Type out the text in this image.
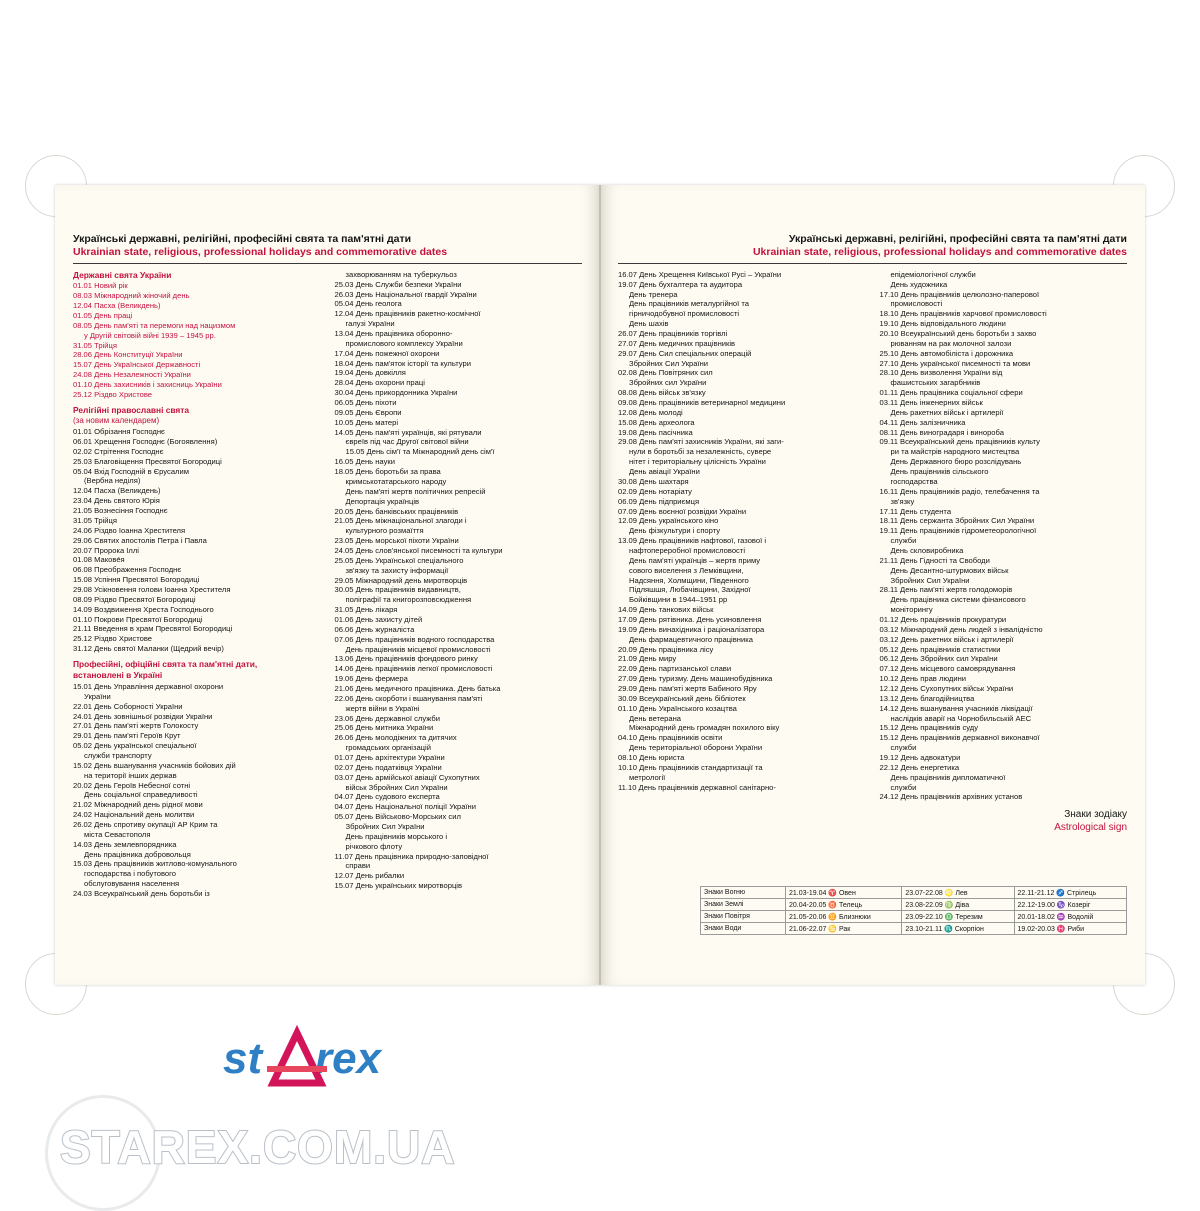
Українські державні, релігійні, професійні свята та пам'ятні дати
Ukrainian state, religious, professional holidays and commemorative dates
Державні свята України
01.01 Новий рік
08.03 Міжнародний жіночий день
12.04 Пасха (Великдень)
01.05 День праці
08.05 День пам'яті та перемоги над нацизмом
у Другій світовій війні 1939 – 1945 рр.
31.05 Трійця
28.06 День Конституції України
15.07 День Української Державності
24.08 День Незалежності України
01.10 День захисників і захисниць України
25.12 Різдво Христове
Релігійні православні свята
(за новим календарем)
01.01 Обрізання Господнє
06.01 Хрещення Господнє (Богоявлення)
02.02 Стрітення Господнє
25.03 Благовіщення Пресвятої Богородиці
05.04 Вхід Господній в Єрусалим
(Вербна неділя)
12.04 Пасха (Великдень)
23.04 День святого Юрія
21.05 Вознесіння Господнє
31.05 Трійця
24.06 Різдво Іоанна Хрестителя
29.06 Святих апостолів Петра і Павла
20.07 Пророка Іллі
01.08 Макове́я
06.08 Преображення Господнє
15.08 Успіння Пресвятої Богородиці
29.08 Усікновення голови Іоанна Хрестителя
08.09 Різдво Пресвятої Богородиці
14.09 Воздвиження Хреста Господнього
01.10 Покрови Пресвятої Богородиці
21.11 Введення в храм Пресвятої Богородиці
25.12 Різдво Христове
31.12 День святої Маланки (Щедрий вечір)
Професійні, офіційні свята та пам'ятні дати,
встановлені в Україні
15.01 День Управління державної охорони
України
22.01 День Соборності України
24.01 День зовнішньої розвідки України
27.01 День пам'яті жертв Голокосту
29.01 День пам'яті Героїв Крут
05.02 День української спеціальної
служби транспорту
15.02 День вшанування учасників бойових дій
на території інших держав
20.02 День Героїв Небесної сотні
День соціальної справедливості
21.02 Міжнародний день рідної мови
24.02 Національний день молитви
26.02 День спротиву окупації АР Крим та
міста Севастополя
14.03 День землевпорядника
День працівника добровольця
15.03 День працівників житлово-комунального
господарства і побутового
обслуговування населення
24.03 Всеукраїнський день боротьби із
захворюванням на туберкульоз
25.03 День Служби безпеки України
26.03 День Національної гвардії України
05.04 День геолога
12.04 День працівників ракетно-космічної
галузі України
13.04 День працівника оборонно-
промислового комплексу України
17.04 День пожежної охорони
18.04 День пам'яток історії та культури
19.04 День довкілля
28.04 День охорони праці
30.04 День прикордонника України
06.05 День піхоти
09.05 День Європи
10.05 День матері
14.05 День пам'яті українців, які рятували
євреїв під час Другої світової війни
15.05 День сім'ї та Міжнародний день сім'ї
16.05 День науки
18.05 День боротьби за права
кримськотатарського народу
День пам'яті жертв політичних репресій
Депортація українців
20.05 День банківських працівників
21.05 День міжнаціональної злагоди і
культурного розмаїття
23.05 День морської піхоти України
24.05 День слов'янської писемності та культури
25.05 День Української спеціального
зв'язку та захисту інформації
29.05 Міжнародний день миротворців
30.05 День працівників видавництв,
поліграфії та книгорозповсюдження
31.05 День лікаря
01.06 День захисту дітей
06.06 День журналіста
07.06 День працівників водного господарства
День працівників місцевої промисловості
13.06 День працівників фондового ринку
14.06 День працівників легкої промисловості
19.06 День фермера
21.06 День медичного працівника. День батька
22.06 День скорботи і вшанування пам'яті
жертв війни в Україні
23.06 День державної служби
25.06 День митника України
26.06 День молодіжних та дитячих
громадських організацій
01.07 День архітектури України
02.07 День податківця України
03.07 День армійської авіації Сухопутних
військ Збройних Сил України
04.07 День судового експерта
04.07 День Національної поліції України
05.07 День Військово-Морських сил
Збройних Сил України
День працівників морського і
річкового флоту
11.07 День працівника природно-заповідної
справи
12.07 День рибалки
15.07 День українських миротворців
Українські державні, релігійні, професійні свята та пам'ятні дати
Ukrainian state, religious, professional holidays and commemorative dates
16.07 День Хрещення Київської Русі – України
19.07 День бухгалтера та аудитора
День тренера
День працівників металургійної та
гірничодобувної промисловості
День шахів
26.07 День працівників торгівлі
27.07 День медичних працівників
29.07 День Сил спеціальних операцій
Збройних Сил України
02.08 День Повітряних сил
Збройних сил України
08.08 День військ зв'язку
09.08 День працівників ветеринарної медицини
12.08 День молоді
15.08 День археолога
19.08 День пасічника
29.08 День пам'яті захисників України, які заги-
нули в боротьбі за незалежність, сувере
нітет і територіальну цілісність України
День авіації України
30.08 День шахтаря
02.09 День нотаріату
06.09 День підприємця
07.09 День воєнної розвідки України
12.09 День українського кіно
День фізкультури і спорту
13.09 День працівників нафтової, газової і
нафтопереробної промисловості
День пам'яті українців – жертв приму
сового виселення з Лемківщини,
Надсяння, Холмщини, Південного
Підляшшя, Любачівщини, Західної
Бойківщини в 1944–1951 рр
14.09 День танкових військ
17.09 День рятівника. День усиновлення
19.09 День винахідника і раціоналізатора
День фармацевтичного працівника
20.09 День працівника лісу
21.09 День миру
22.09 День партизанської слави
27.09 День туризму. День машинобудівника
29.09 День пам'яті жертв Бабиного Яру
30.09 Всеукраїнський день бібліотек
01.10 День Українського козацтва
День ветерана
Міжнародний день громадян похилого віку
04.10 День працівників освіти
День територіальної оборони України
08.10 День юриста
10.10 День працівників стандартизації та
метрології
11.10 День працівників державної санітарно-
епідеміологічної служби
День художника
17.10 День працівників целюлозно-паперової
промисловості
18.10 День працівників харчової промисловості
19.10 День відповідального людини
20.10 Всеукраїнський день боротьби з захво
рюванням на рак молочної залози
25.10 День автомобіліста і дорожника
27.10 День української писемності та мови
28.10 День визволення України від
фашистських загарбників
01.11 День працівника соціальної сфери
03.11 День інженерних військ
День ракетних військ і артилерії
04.11 День залізничника
08.11 День виноградаря і винороба
09.11 Всеукраїнський день працівників культу
ри та майстрів народного мистецтва
День Державного бюро розслідувань
День працівників сільського
господарства
16.11 День працівників радіо, телебачення та
зв'язку
17.11 День студента
18.11 День сержанта Збройних Сил України
19.11 День працівників гідрометеорологічної
служби
День скловиробника
21.11 День Гідності та Свободи
День Десантно-штурмових військ
Збройних Сил України
28.11 День пам'яті жертв голодоморів
День працівника системи фінансового
моніторингу
01.12 День працівників прокуратури
03.12 Міжнародний день людей з інвалідністю
03.12 День ракетних військ і артилерії
05.12 День працівників статистики
06.12 День Збройних сил України
07.12 День місцевого самоврядування
10.12 День прав людини
12.12 День Сухопутних військ України
13.12 День благодійництва
14.12 День вшанування учасників ліквідації
наслідків аварії на Чорнобильській АЕС
15.12 День працівників суду
15.12 День працівників державної виконавчої
служби
19.12 День адвокатури
22.12 День енергетика
День працівників дипломатичної
служби
24.12 День працівників архівних установ
Знаки зодіаку
Astrological sign
Знаки Вогню	21.03-19.04 ♈ Овен	23.07-22.08 ♌ Лев	22.11-21.12 ♐ Стрілець
Знаки Землі	20.04-20.05 ♉ Телець	23.08-22.09 ♍ Діва	22.12-19.00 ♑ Козеріг
Знаки Повітря	21.05-20.06 ♊ Близнюки	23.09-22.10 ♎ Терезим	20.01-18.02 ♒ Водолій
Знаки Води	21.06-22.07 ♋ Рак	23.10-21.11 ♏ Скорпіон	19.02-20.03 ♓ Риби
st rex
STAREX.COM.UA
